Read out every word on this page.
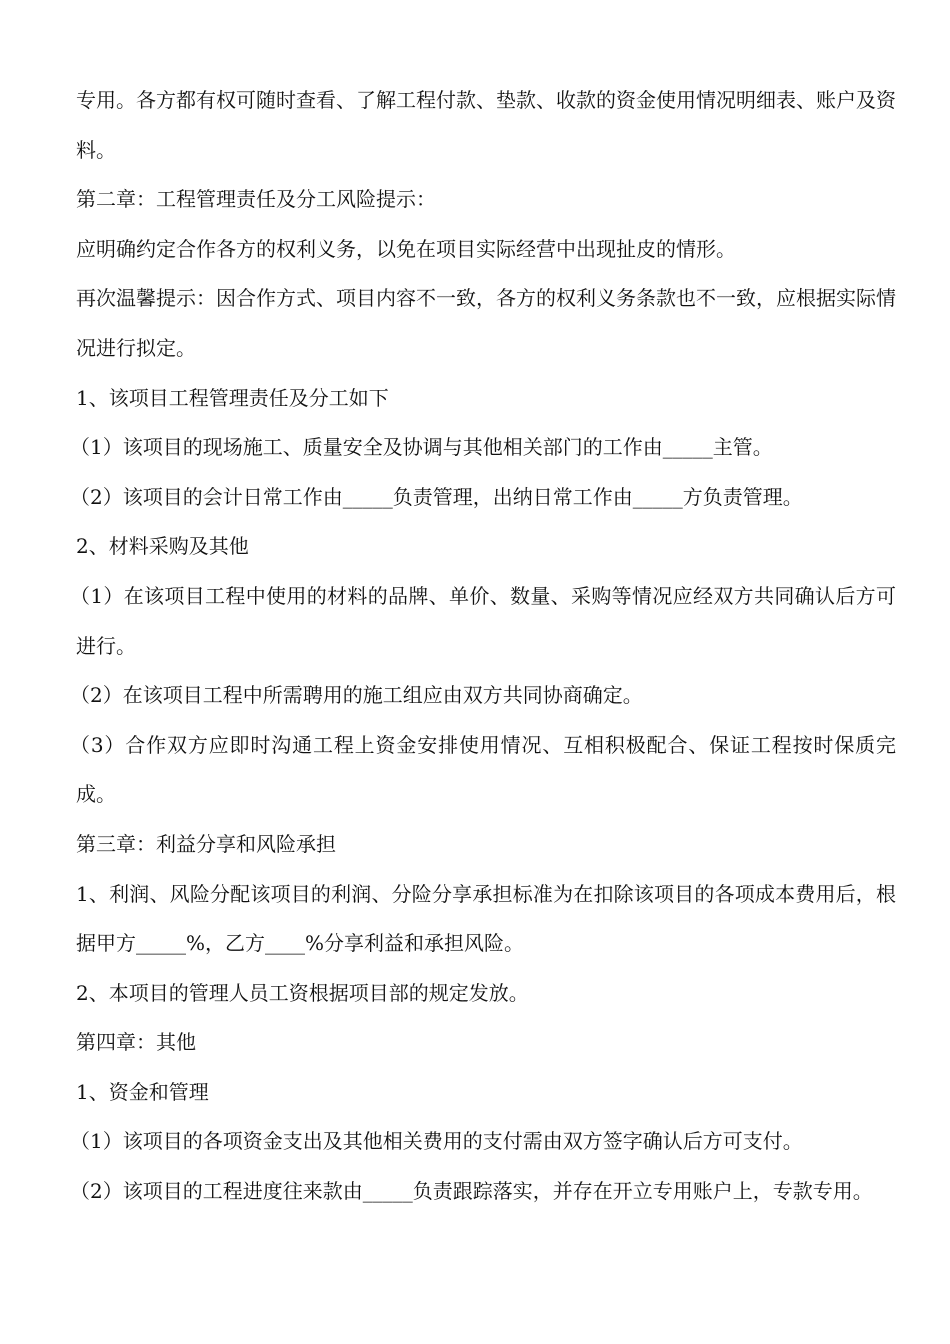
专用。各方都有权可随时查看、了解工程付款、垫款、收款的资金使用情况明细表、账户及资料。

第二章：工程管理责任及分工风险提示：

应明确约定合作各方的权利义务，以免在项目实际经营中出现扯皮的情形。

再次温馨提示：因合作方式、项目内容不一致，各方的权利义务条款也不一致，应根据实际情况进行拟定。

1、该项目工程管理责任及分工如下

（1）该项目的现场施工、质量安全及协调与其他相关部门的工作由_____主管。

（2）该项目的会计日常工作由_____负责管理，出纳日常工作由_____方负责管理。

2、材料采购及其他

（1）在该项目工程中使用的材料的品牌、单价、数量、采购等情况应经双方共同确认后方可进行。

（2）在该项目工程中所需聘用的施工组应由双方共同协商确定。

（3）合作双方应即时沟通工程上资金安排使用情况、互相积极配合、保证工程按时保质完成。

第三章：利益分享和风险承担

1、利润、风险分配该项目的利润、分险分享承担标准为在扣除该项目的各项成本费用后，根据甲方_____%，乙方____%分享利益和承担风险。

2、本项目的管理人员工资根据项目部的规定发放。

第四章：其他

1、资金和管理

（1）该项目的各项资金支出及其他相关费用的支付需由双方签字确认后方可支付。

（2）该项目的工程进度往来款由_____负责跟踪落实，并存在开立专用账户上，专款专用。
